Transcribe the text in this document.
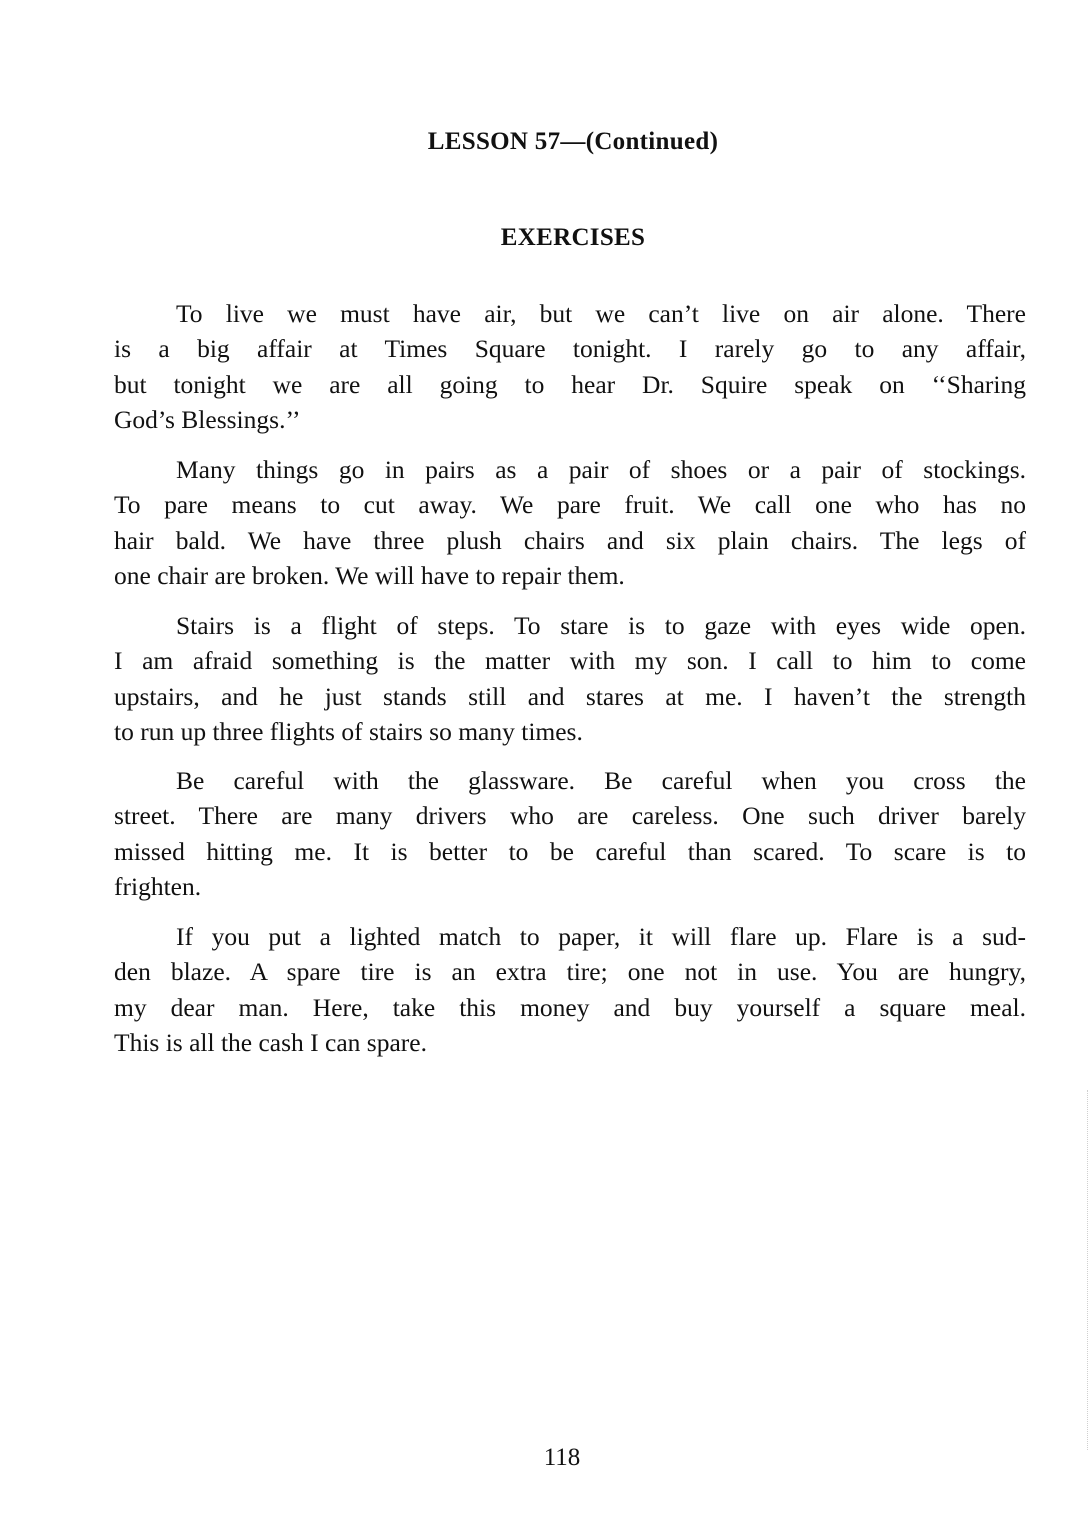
LESSON 57—(Continued)
EXERCISES
To live we must have air, but we can’t live on air alone. There
is a big affair at Times Square tonight. I rarely go to any affair,
but tonight we are all going to hear Dr. Squire speak on ‘‘Sharing
God’s Blessings.’’
Many things go in pairs as a pair of shoes or a pair of stockings.
To pare means to cut away. We pare fruit. We call one who has no
hair bald. We have three plush chairs and six plain chairs. The legs of
one chair are broken. We will have to repair them.
Stairs is a flight of steps. To stare is to gaze with eyes wide open.
I am afraid something is the matter with my son. I call to him to come
upstairs, and he just stands still and stares at me. I haven’t the strength
to run up three flights of stairs so many times.
Be careful with the glassware. Be careful when you cross the
street. There are many drivers who are careless. One such driver barely
missed hitting me. It is better to be careful than scared. To scare is to
frighten.
If you put a lighted match to paper, it will flare up. Flare is a sud-
den blaze. A spare tire is an extra tire; one not in use. You are hungry,
my dear man. Here, take this money and buy yourself a square meal.
This is all the cash I can spare.
118
